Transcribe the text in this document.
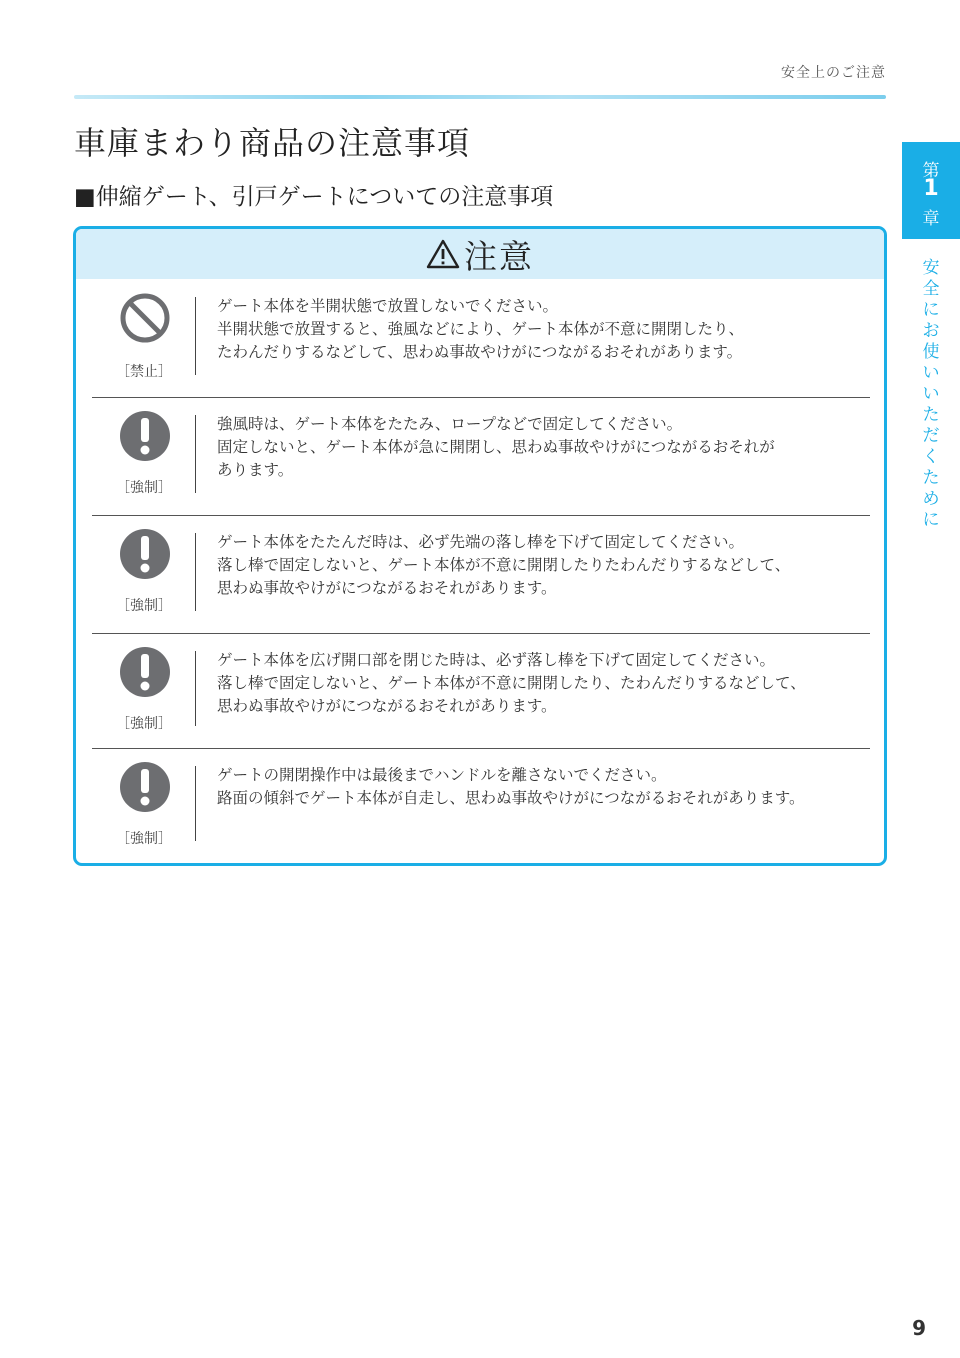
安全上のご注意
車庫まわり商品の注意事項
■伸縮ゲート、引戸ゲートについての注意事項
第
1
章
安全にお使いいただくために
注意
［禁止］

ゲート本体を半開状態で放置しないでください。

半開状態で放置すると、強風などにより、ゲート本体が不意に開閉したり、

たわんだりするなどして、思わぬ事故やけがにつながるおそれがあります。

［強制］

強風時は、ゲート本体をたたみ、ロープなどで固定してください。

固定しないと、ゲート本体が急に開閉し、思わぬ事故やけがにつながるおそれが

あります。

［強制］

ゲート本体をたたんだ時は、必ず先端の落し棒を下げて固定してください。

落し棒で固定しないと、ゲート本体が不意に開閉したりたわんだりするなどして、

思わぬ事故やけがにつながるおそれがあります。

［強制］

ゲート本体を広げ開口部を閉じた時は、必ず落し棒を下げて固定してください。

落し棒で固定しないと、ゲート本体が不意に開閉したり、たわんだりするなどして、

思わぬ事故やけがにつながるおそれがあります。

［強制］

ゲートの開閉操作中は最後までハンドルを離さないでください。

路面の傾斜でゲート本体が自走し、思わぬ事故やけがにつながるおそれがあります。

9
